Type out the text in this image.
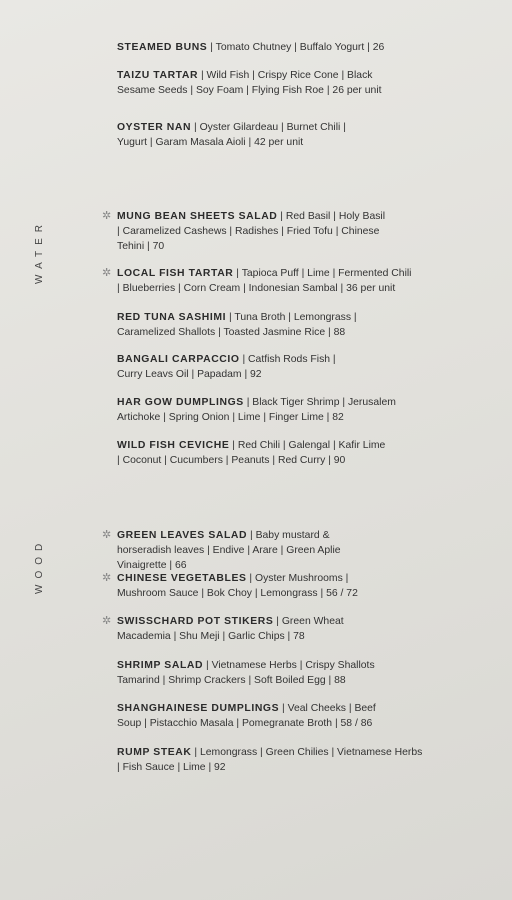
WATER
WOOD
STEAMED BUNS | Tomato Chutney | Buffalo Yogurt | 26
TAIZU TARTAR | Wild Fish | Crispy Rice Cone | Black Sesame Seeds | Soy Foam | Flying Fish Roe | 26 per unit
OYSTER NAN | Oyster Gilardeau | Burnet Chili | Yugurt | Garam Masala Aioli | 42 per unit
✲ MUNG BEAN SHEETS SALAD | Red Basil | Holy Basil | Caramelized Cashews | Radishes | Fried Tofu | Chinese Tehini | 70
✲ LOCAL FISH TARTAR | Tapioca Puff | Lime | Fermented Chili | Blueberries | Corn Cream | Indonesian Sambal | 36 per unit
RED TUNA SASHIMI | Tuna Broth | Lemongrass | Caramelized Shallots | Toasted Jasmine Rice | 88
BANGALI CARPACCIO | Catfish Rods Fish | Curry Leavs Oil | Papadam | 92
HAR GOW DUMPLINGS | Black Tiger Shrimp | Jerusalem Artichoke | Spring Onion | Lime | Finger Lime | 82
WILD FISH CEVICHE | Red Chili | Galengal | Kafir Lime | Coconut | Cucumbers | Peanuts | Red Curry | 90
✲ GREEN LEAVES SALAD | Baby mustard & horseradish leaves | Endive | Arare | Green Aplie Vinaigrette | 66
✲ CHINESE VEGETABLES | Oyster Mushrooms | Mushroom Sauce | Bok Choy | Lemongrass | 56 / 72
✲ SWISSCHARD POT STIKERS | Green Wheat Macademia | Shu Meji | Garlic Chips | 78
SHRIMP SALAD | Vietnamese Herbs | Crispy Shallots Tamarind | Shrimp Crackers | Soft Boiled Egg | 88
SHANGHAINESE DUMPLINGS | Veal Cheeks | Beef Soup | Pistacchio Masala | Pomegranate Broth | 58 / 86
RUMP STEAK | Lemongrass | Green Chilies | Vietnamese Herbs | Fish Sauce | Lime | 92
